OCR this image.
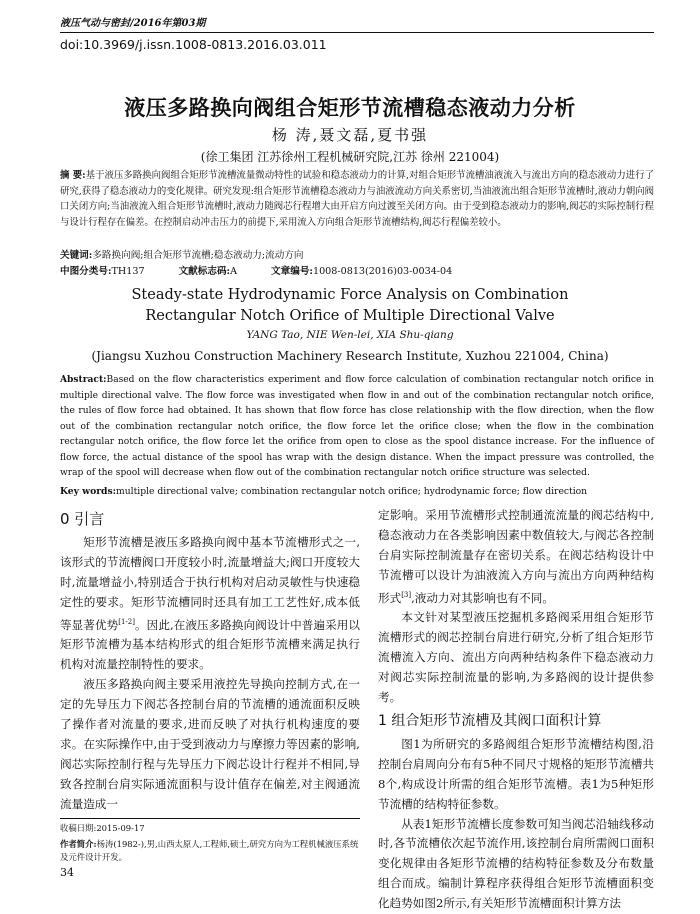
液压气动与密封/2016年第03期
doi:10.3969/j.issn.1008-0813.2016.03.011
液压多路换向阀组合矩形节流槽稳态液动力分析
杨 涛,聂文磊,夏书强
(徐工集团 江苏徐州工程机械研究院,江苏 徐州 221004)
摘 要:基于液压多路换向阀组合矩形节流槽流量微动特性的试验和稳态液动力的计算,对组合矩形节流槽油液流入与流出方向的稳态液动力进行了研究,获得了稳态液动力的变化规律。研究发现:组合矩形节流槽稳态液动力与油液流动方向关系密切,当油液流出组合矩形节流槽时,液动力朝向阀口关闭方向;当油液流入组合矩形节流槽时,液动力随阀芯行程增大由开启方向过渡至关闭方向。由于受到稳态液动力的影响,阀芯的实际控制行程与设计行程存在偏差。在控制启动冲击压力的前提下,采用流入方向组合矩形节流槽结构,阀芯行程偏差较小。
关键词:多路换向阀;组合矩形节流槽;稳态液动力;流动方向
中图分类号:TH137	文献标志码:A	文章编号:1008-0813(2016)03-0034-04
Steady-state Hydrodynamic Force Analysis on Combination
Rectangular Notch Orifice of Multiple Directional Valve
YANG Tao, NIE Wen-lei, XIA Shu-qiang
(Jiangsu Xuzhou Construction Machinery Research Institute, Xuzhou 221004, China)
Abstract:Based on the flow characteristics experiment and flow force calculation of combination rectangular notch orifice in multiple directional valve. The flow force was investigated when flow in and out of the combination rectangular notch orifice, the rules of flow force had obtained. It has shown that flow force has close relationship with the flow direction, when the flow out of the combination rectangular notch orifice, the flow force let the orifice close; when the flow in the combination rectangular notch orifice, the flow force let the orifice from open to close as the spool distance increase. For the influence of flow force, the actual distance of the spool has wrap with the design distance. When the impact pressure was controlled, the wrap of the spool will decrease when flow out of the combination rectangular notch orifice structure was selected.
Key words:multiple directional valve; combination rectangular notch orifice; hydrodynamic force; flow direction
0 引言

矩形节流槽是液压多路换向阀中基本节流槽形式之一,该形式的节流槽阀口开度较小时,流量增益大;阀口开度较大时,流量增益小,特别适合于执行机构对启动灵敏性与快速稳定性的要求。矩形节流槽同时还具有加工工艺性好,成本低等显著优势[1-2]。因此,在液压多路换向阀设计中普遍采用以矩形节流槽为基本结构形式的组合矩形节流槽来满足执行机构对流量控制特性的要求。

液压多路换向阀主要采用液控先导换向控制方式,在一定的先导压力下阀芯各控制台肩的节流槽的通流面积反映了操作者对流量的要求,进而反映了对执行机构速度的要求。在实际操作中,由于受到液动力与摩擦力等因素的影响,阀芯实际控制行程与先导压力下阀芯设计行程并不相同,导致各控制台肩实际通流面积与设计值存在偏差,对主阀通流流量造成一

定影响。采用节流槽形式控制通流流量的阀芯结构中,稳态液动力在各类影响因素中数值较大,与阀芯各控制台肩实际控制流量存在密切关系。在阀芯结构设计中节流槽可以设计为油液流入方向与流出方向两种结构形式[3],液动力对其影响也有不同。

本文针对某型液压挖掘机多路阀采用组合矩形节流槽形式的阀芯控制台肩进行研究,分析了组合矩形节流槽流入方向、流出方向两种结构条件下稳态液动力对阀芯实际控制流量的影响,为多路阀的设计提供参考。

1 组合矩形节流槽及其阀口面积计算

图1为所研究的多路阀组合矩形节流槽结构图,沿控制台肩周向分布有5种不同尺寸规格的矩形节流槽共8个,构成设计所需的组合矩形节流槽。表1为5种矩形节流槽的结构特征参数。

从表1矩形节流槽长度参数可知当阀芯沿轴线移动时,各节流槽依次起节流作用,该控制台肩所需阀口面积变化规律由各矩形节流槽的结构特征参数及分布数量组合而成。编制计算程序获得组合矩形节流槽面积变化趋势如图2所示,有关矩形节流槽面积计算方法

收稿日期:2015-09-17
作者简介:杨涛(1982-),男,山西太原人,工程师,硕士,研究方向为工程机械液压系统及元件设计开发。
34
